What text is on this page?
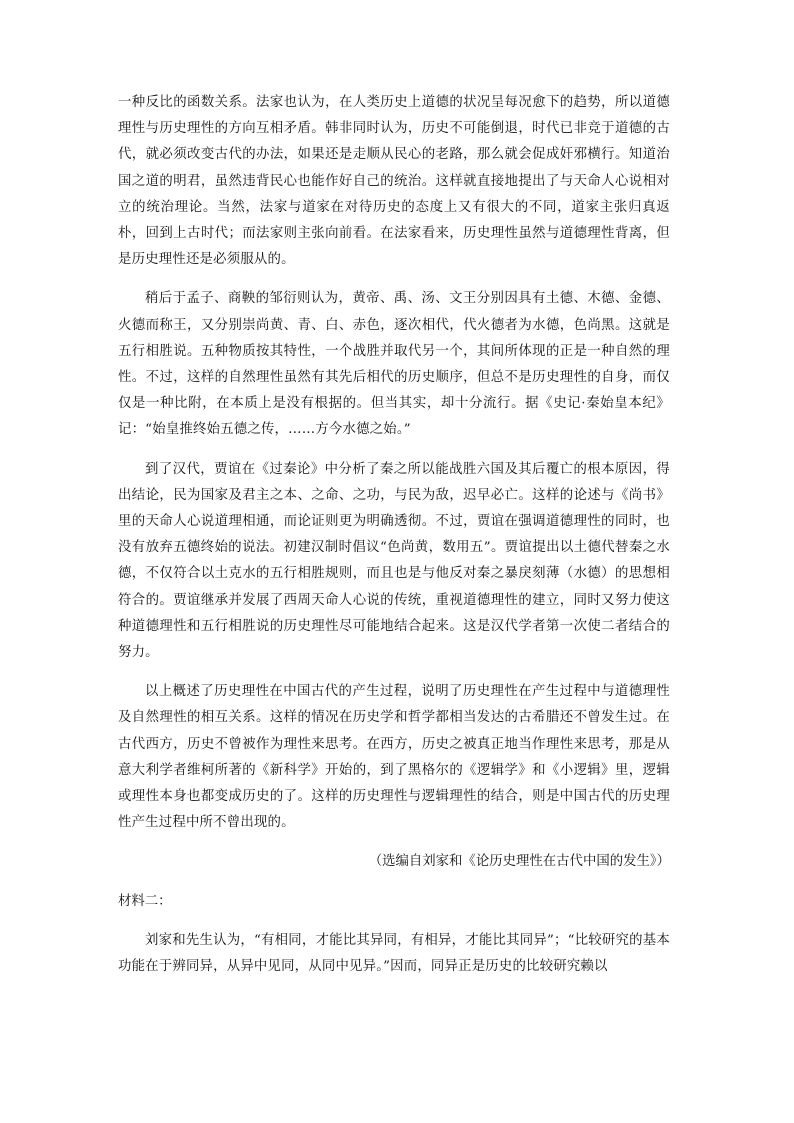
一种反比的函数关系。法家也认为，在人类历史上道德的状况呈每况愈下的趋势，所以道德理性与历史理性的方向互相矛盾。韩非同时认为，历史不可能倒退，时代已非竞于道德的古代，就必须改变古代的办法，如果还是走顺从民心的老路，那么就会促成奸邪横行。知道治国之道的明君，虽然违背民心也能作好自己的统治。这样就直接地提出了与天命人心说相对立的统治理论。当然，法家与道家在对待历史的态度上又有很大的不同，道家主张归真返朴，回到上古时代；而法家则主张向前看。在法家看来，历史理性虽然与道德理性背离，但是历史理性还是必须服从的。

稍后于孟子、商鞅的邹衍则认为，黄帝、禹、汤、文王分别因具有土德、木德、金德、火德而称王，又分别崇尚黄、青、白、赤色，逐次相代，代火德者为水德，色尚黑。这就是五行相胜说。五种物质按其特性，一个战胜并取代另一个，其间所体现的正是一种自然的理性。不过，这样的自然理性虽然有其先后相代的历史顺序，但总不是历史理性的自身，而仅仅是一种比附，在本质上是没有根据的。但当其实，却十分流行。据《史记·秦始皇本纪》记：“始皇推终始五德之传，……方今水德之始。”

到了汉代，贾谊在《过秦论》中分析了秦之所以能战胜六国及其后覆亡的根本原因，得出结论，民为国家及君主之本、之命、之功，与民为敌，迟早必亡。这样的论述与《尚书》里的天命人心说道理相通，而论证则更为明确透彻。不过，贾谊在强调道德理性的同时，也没有放弃五德终始的说法。初建汉制时倡议“色尚黄，数用五”。贾谊提出以土德代替秦之水德，不仅符合以土克水的五行相胜规则，而且也是与他反对秦之暴戾刻薄（水德）的思想相符合的。贾谊继承并发展了西周天命人心说的传统，重视道德理性的建立，同时又努力使这种道德理性和五行相胜说的历史理性尽可能地结合起来。这是汉代学者第一次使二者结合的努力。

以上概述了历史理性在中国古代的产生过程，说明了历史理性在产生过程中与道德理性及自然理性的相互关系。这样的情况在历史学和哲学都相当发达的古希腊还不曾发生过。在古代西方，历史不曾被作为理性来思考。在西方，历史之被真正地当作理性来思考，那是从意大利学者维柯所著的《新科学》开始的，到了黑格尔的《逻辑学》和《小逻辑》里，逻辑或理性本身也都变成历史的了。这样的历史理性与逻辑理性的结合，则是中国古代的历史理性产生过程中所不曾出现的。

（选编自刘家和《论历史理性在古代中国的发生》）
材料二：

刘家和先生认为，“有相同，才能比其异同，有相异，才能比其同异”；“比较研究的基本功能在于辨同异，从异中见同，从同中见异。”因而，同异正是历史的比较研究赖以
